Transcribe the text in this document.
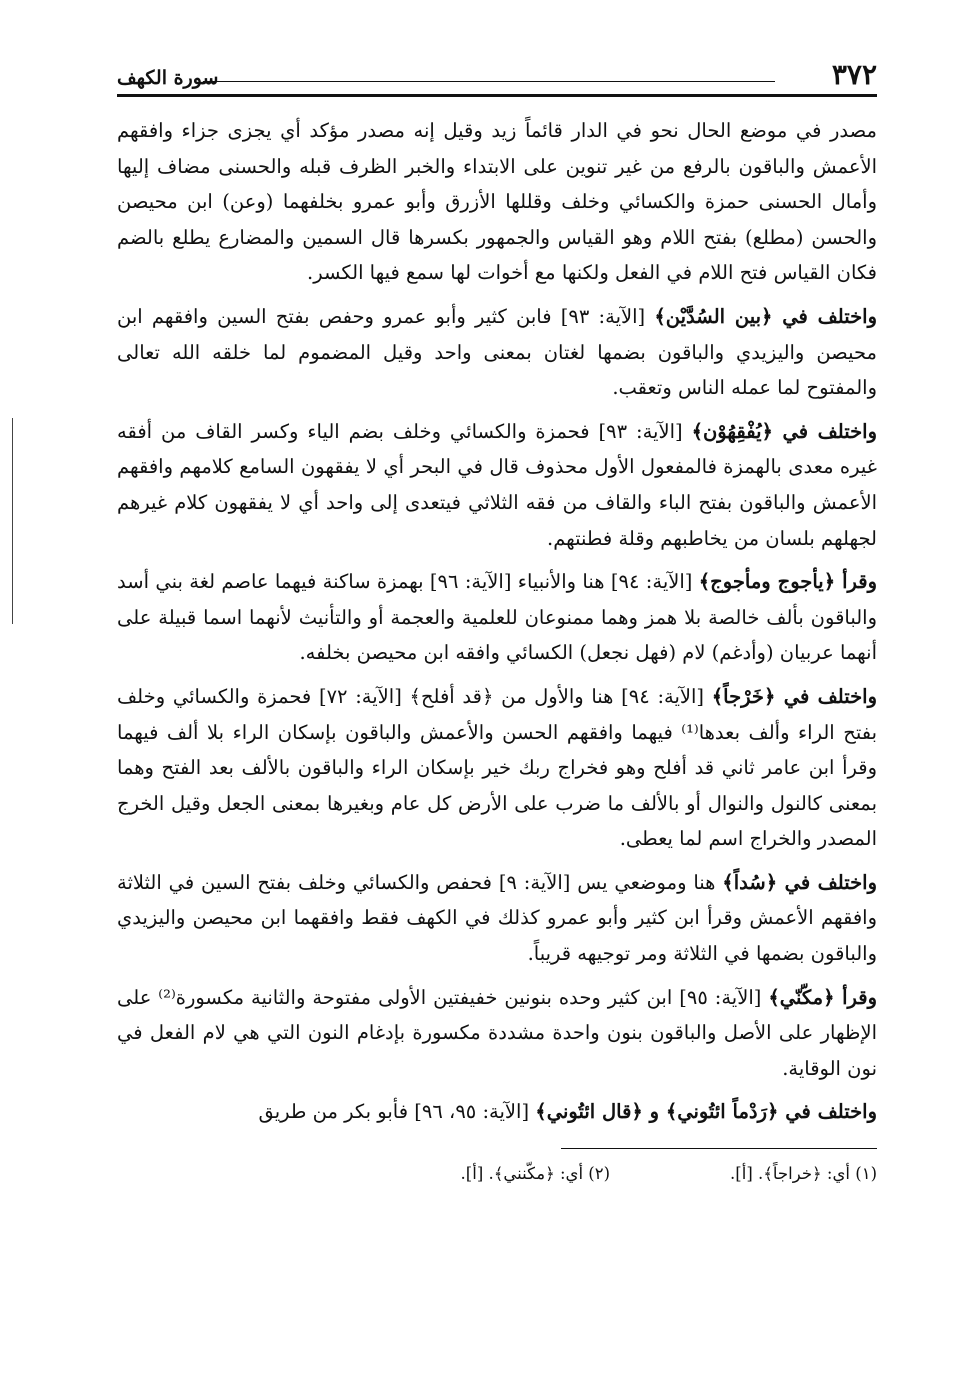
٣٧٢
سورة الكهف

مصدر في موضع الحال نحو في الدار قائماً زيد وقيل إنه مصدر مؤكد أي يجزى جزاء وافقهم الأعمش والباقون بالرفع من غير تنوين على الابتداء والخبر الظرف قبله والحسنى مضاف إليها وأمال الحسنى حمزة والكسائي وخلف وقللها الأزرق وأبو عمرو بخلفهما (وعن) ابن محيصن والحسن (مطلع) بفتح اللام وهو القياس والجمهور بكسرها قال السمين والمضارع يطلع بالضم فكان القياس فتح اللام في الفعل ولكنها مع أخوات لها سمع فيها الكسر.

واختلف في ﴿بين السُدَّيْن﴾ [الآية: ٩٣] فابن كثير وأبو عمرو وحفص بفتح السين وافقهم ابن محيصن واليزيدي والباقون بضمها لغتان بمعنى واحد وقيل المضموم لما خلقه الله تعالى والمفتوح لما عمله الناس وتعقب.

واختلف في ﴿يُفْقِهُوْن﴾ [الآية: ٩٣] فحمزة والكسائي وخلف بضم الياء وكسر القاف من أفقه غيره معدى بالهمزة فالمفعول الأول محذوف قال في البحر أي لا يفقهون السامع كلامهم وافقهم الأعمش والباقون بفتح الباء والقاف من فقه الثلاثي فيتعدى إلى واحد أي لا يفقهون كلام غيرهم لجهلهم بلسان من يخاطبهم وقلة فطنتهم.

وقرأ ﴿يأجوج ومأجوج﴾ [الآية: ٩٤] هنا والأنبياء [الآية: ٩٦] بهمزة ساكنة فيهما عاصم لغة بني أسد والباقون بألف خالصة بلا همز وهما ممنوعان للعلمية والعجمة أو والتأنيث لأنهما اسما قبيلة على أنهما عربيان (وأدغم) لام (فهل نجعل) الكسائي وافقه ابن محيصن بخلفه.

واختلف في ﴿خَرْجاً﴾ [الآية: ٩٤] هنا والأول من ﴿قد أفلح﴾ [الآية: ٧٢] فحمزة والكسائي وخلف بفتح الراء وألف بعدها⁽¹⁾ فيهما وافقهم الحسن والأعمش والباقون بإسكان الراء بلا ألف فيهما وقرأ ابن عامر ثاني قد أفلح وهو فخراج ربك خير بإسكان الراء والباقون بالألف بعد الفتح وهما بمعنى كالنول والنوال أو بالألف ما ضرب على الأرض كل عام وبغيرها بمعنى الجعل وقيل الخرج المصدر والخراج اسم لما يعطى.

واختلف في ﴿سُداً﴾ هنا وموضعي يس [الآية: ٩] فحفص والكسائي وخلف بفتح السين في الثلاثة وافقهم الأعمش وقرأ ابن كثير وأبو عمرو كذلك في الكهف فقط وافقهما ابن محيصن واليزيدي والباقون بضمها في الثلاثة ومر توجيهه قريباً.

وقرأ ﴿مكّنّي﴾ [الآية: ٩٥] ابن كثير وحده بنونين خفيفتين الأولى مفتوحة والثانية مكسورة⁽²⁾ على الإظهار على الأصل والباقون بنون واحدة مشددة مكسورة بإدغام النون التي هي لام الفعل في نون الوقاية.

واختلف في ﴿رَدْماً ائتُوني﴾ و ﴿قال ائتُوني﴾ [الآية: ٩٥، ٩٦] فأبو بكر من طريق

(١) أي: ﴿خراجاً﴾. [أ].
(٢) أي: ﴿مكّنني﴾. [أ].
